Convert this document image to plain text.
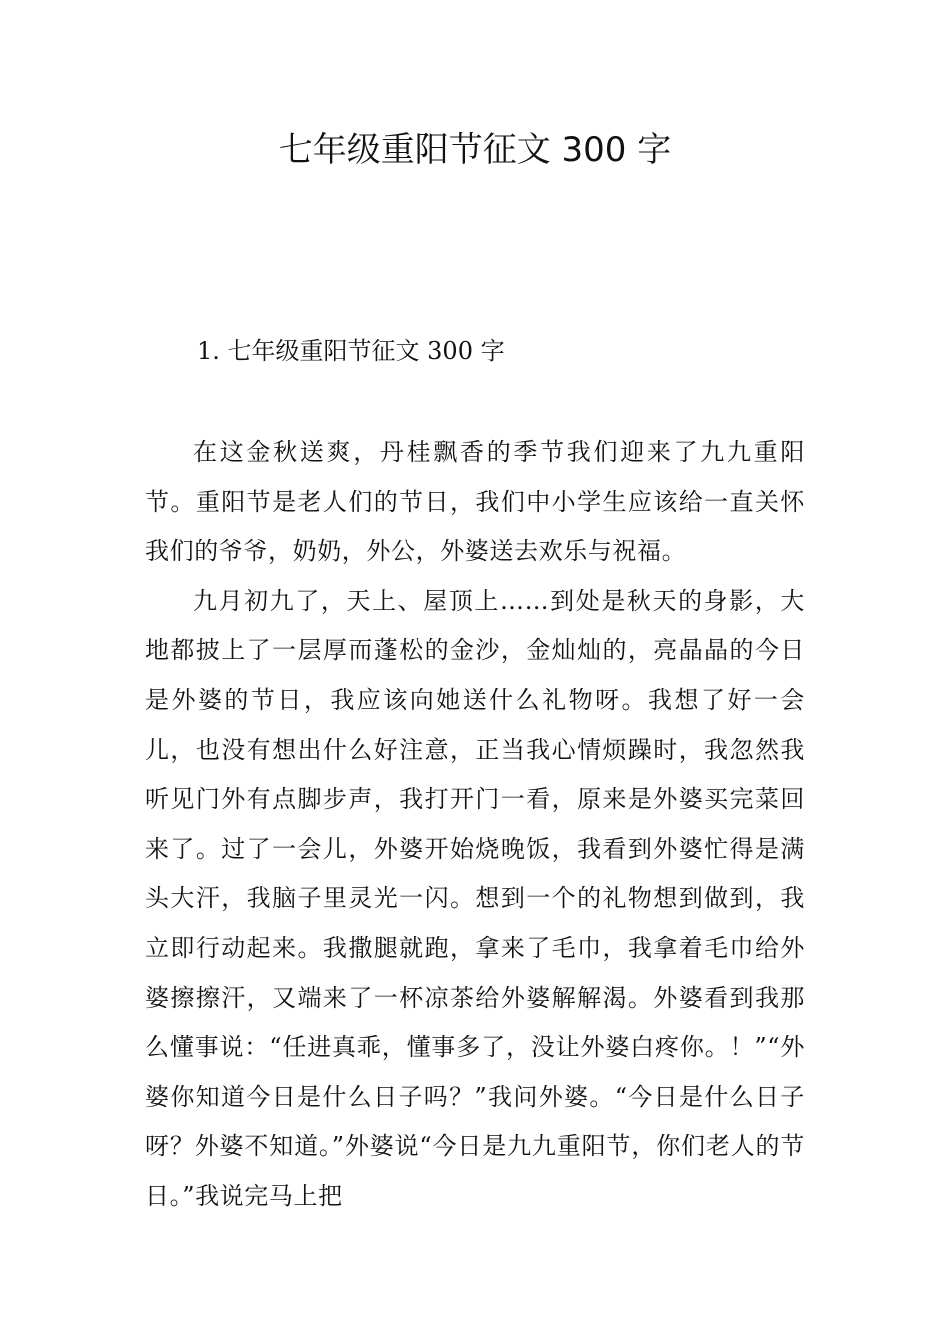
七年级重阳节征文 300 字
1. 七年级重阳节征文 300 字

在这金秋送爽，丹桂飘香的季节我们迎来了九九重阳节。重阳节是老人们的节日，我们中小学生应该给一直关怀我们的爷爷，奶奶，外公，外婆送去欢乐与祝福。

九月初九了，天上、屋顶上……到处是秋天的身影，大地都披上了一层厚而蓬松的金沙，金灿灿的，亮晶晶的今日是外婆的节日，我应该向她送什么礼物呀。我想了好一会儿，也没有想出什么好注意，正当我心情烦躁时，我忽然我听见门外有点脚步声，我打开门一看，原来是外婆买完菜回来了。过了一会儿，外婆开始烧晚饭，我看到外婆忙得是满头大汗，我脑子里灵光一闪。想到一个的礼物想到做到，我立即行动起来。我撒腿就跑，拿来了毛巾，我拿着毛巾给外婆擦擦汗，又端来了一杯凉茶给外婆解解渴。外婆看到我那么懂事说：“任进真乖，懂事多了，没让外婆白疼你。！”“外婆你知道今日是什么日子吗？”我问外婆。“今日是什么日子呀？外婆不知道。”外婆说“今日是九九重阳节，你们老人的节日。”我说完马上把
